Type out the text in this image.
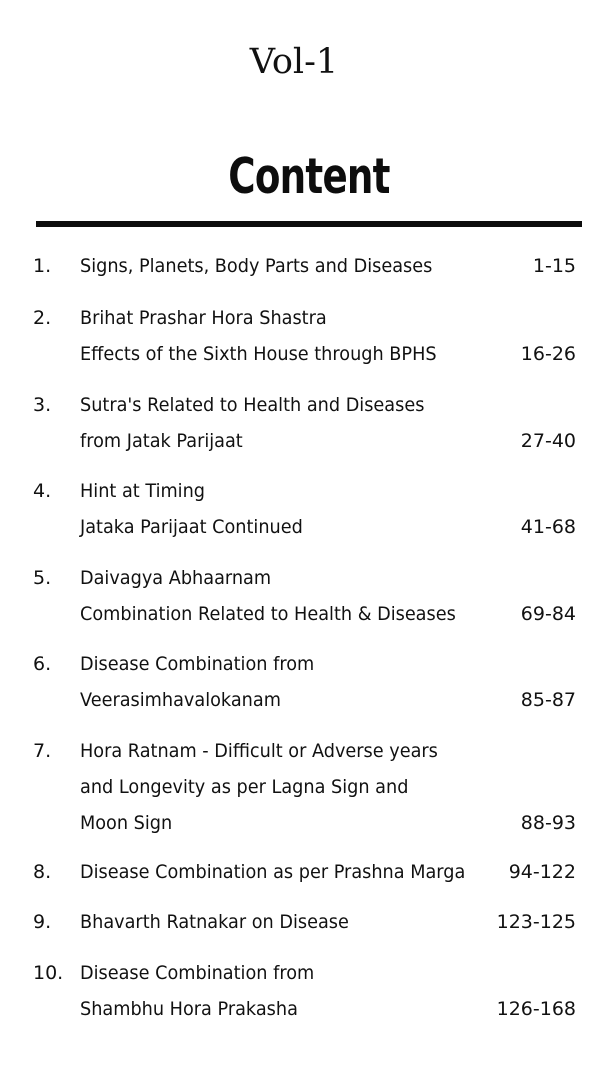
Vol-1
Content
1. Signs, Planets, Body Parts and Diseases	1-15
2. Brihat Prashar Hora Shastra
Effects of the Sixth House through BPHS	16-26
3. Sutra's Related to Health and Diseases
from Jatak Parijaat	27-40
4. Hint at Timing
Jataka Parijaat Continued	41-68
5. Daivagya Abhaarnam
Combination Related to Health & Diseases	69-84
6. Disease Combination from
Veerasimhavalokanam	85-87
7. Hora Ratnam - Difficult or Adverse years
and Longevity as per Lagna Sign and
Moon Sign	88-93
8. Disease Combination as per Prashna Marga 94-122
9. Bhavarth Ratnakar on Disease	123-125
10. Disease Combination from
Shambhu Hora Prakasha	126-168
